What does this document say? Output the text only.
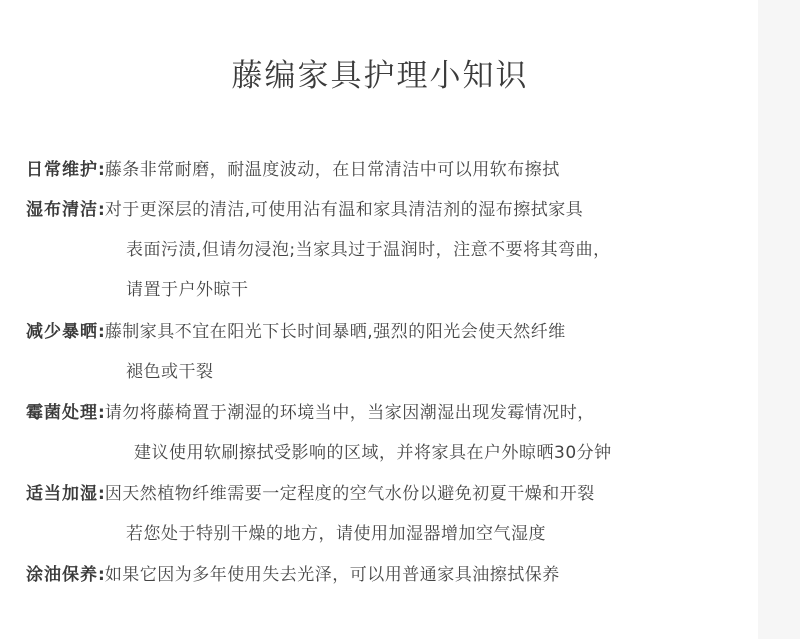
藤编家具护理小知识
日常维护 : 藤条非常耐磨，耐温度波动，在日常清洁中可以用软布擦拭
湿布清洁 : 对于更深层的清洁,可使用沾有温和家具清洁剂的湿布擦拭家具
表面污渍,但请勿浸泡;当家具过于温润时，注意不要将其弯曲，
请置于户外晾干
减少暴晒 : 藤制家具不宜在阳光下长时间暴晒,强烈的阳光会使天然纤维
褪色或干裂
霉菌处理 : 请勿将藤椅置于潮湿的环境当中，当家因潮湿出现发霉情况时，
建议使用软刷擦拭受影响的区域，并将家具在户外晾晒30分钟
适当加湿 : 因天然植物纤维需要一定程度的空气水份以避免初夏干燥和开裂
若您处于特别干燥的地方，请使用加湿器增加空气湿度
涂油保养 : 如果它因为多年使用失去光泽，可以用普通家具油擦拭保养
